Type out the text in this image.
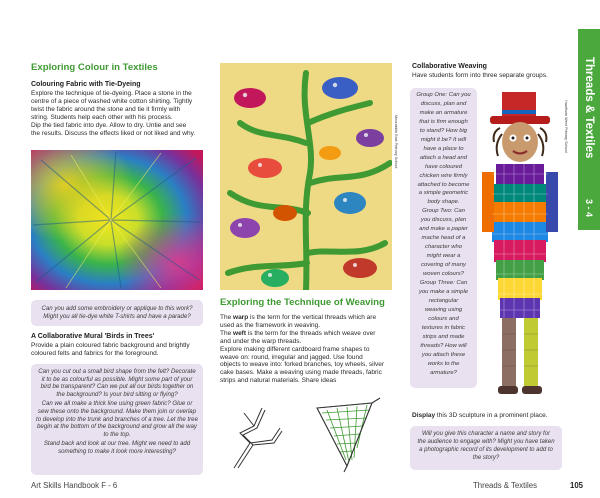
Exploring Colour in Textiles
Colouring Fabric with Tie-Dyeing
Explore the technique of tie-dyeing. Place a stone in the
centre of a piece of washed white cotton shirting. Tightly
twist the fabric around the stone and tie it firmly with
string. Students help each other with his process.
Dip the tied fabric into dye. Allow to dry. Untie and see
the results. Discuss the effects liked or not liked and why.
Can you add some embroidery or applique to this work?
Might you all tie-dye white T-shirts and have a parade?
A Collaborative Mural 'Birds in Trees'
Provide a plain coloured fabric background and brightly
coloured felts and fabrics for the foreground.
Can you cut out a small bird shape from the felt? Decorate
it to be as colourful as possible. Might some part of your
bird be transparent? Can we put all our birds together on
the background? Is your bird sitting or flying?
Can we all make a thick line using green fabric? Glue or
sew these onto the background. Make them join or overlap
to develop into the trunk and branches of a tree. Let the tree
begin at the bottom of the background and grow all the way
to the top.
Stand back and look at our tree. Might we need to add
something to make it look more interesting?
Moorabbin East Primary School
Exploring the Technique of Weaving
The warp is the term for the vertical threads which are
used as the framework in weaving.
The weft is the term for the threads which weave over
and under the warp threads.
Explore making different cardboard frame shapes to
weave on: round, irregular and jagged. Use found
objects to weave into: forked branches, toy wheels, silver
cake bases. Make a weaving using made threads, fabric
strips and natural materials. Share ideas
Collaborative Weaving
Have students form into three separate groups.
Group One: Can you
discuss, plan and
make an armature
that is firm enough
to stand? How big
might it be? It will
have a place to
attach a head and
have coloured
chicken wire firmly
attached to become
a simple geometric
body shape.
Group Two: Can
you discuss, plan
and make a papier
mache head of a
character who
might wear a
covering of many
woven colours?
Group Three: Can
you make a simple
rectangular
weaving using
colours and
textures in fabric
strips and made
threads? How will
you attach these
works to the
armature?
Hawthorn West Primary School
Display this 3D sculpture in a prominent place.
Will you give this character a name and story for
the audience to engage with? Might you have taken
a photographic record of its development to add to
the story?
Threads & Textiles
3 - 4
Art Skills Handbook F - 6	Threads & Textiles	105
